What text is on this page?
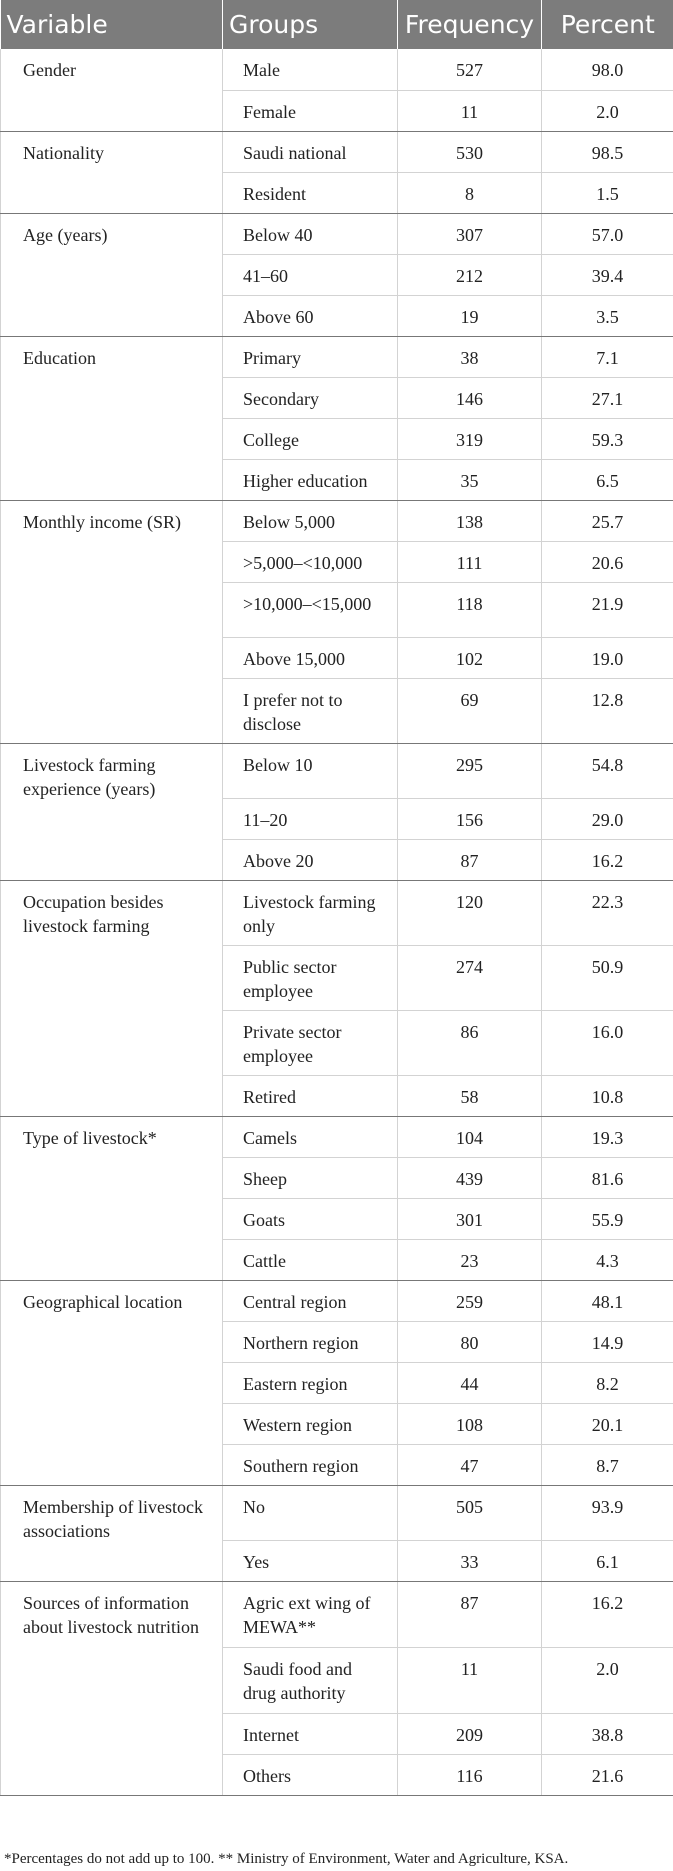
Variable	Groups	Frequency	Percent
Gender	Male	527	98.0
	Female	11	2.0
Nationality	Saudi national	530	98.5
	Resident	8	1.5
Age (years)	Below 40	307	57.0
	41–60	212	39.4
	Above 60	19	3.5
Education	Primary	38	7.1
	Secondary	146	27.1
	College	319	59.3
	Higher education	35	6.5
Monthly income (SR)	Below 5,000	138	25.7
	>5,000–<10,000	111	20.6
	>10,000–<15,000	118	21.9
	Above 15,000	102	19.0
	I prefer not to disclose	69	12.8
Livestock farming experience (years)	Below 10	295	54.8
	11–20	156	29.0
	Above 20	87	16.2
Occupation besides livestock farming	Livestock farming only	120	22.3
	Public sector employee	274	50.9
	Private sector employee	86	16.0
	Retired	58	10.8
Type of livestock*	Camels	104	19.3
	Sheep	439	81.6
	Goats	301	55.9
	Cattle	23	4.3
Geographical location	Central region	259	48.1
	Northern region	80	14.9
	Eastern region	44	8.2
	Western region	108	20.1
	Southern region	47	8.7
Membership of livestock associations	No	505	93.9
	Yes	33	6.1
Sources of information about livestock nutrition	Agric ext wing of MEWA**	87	16.2
	Saudi food and drug authority	11	2.0
	Internet	209	38.8
	Others	116	21.6
*Percentages do not add up to 100. ** Ministry of Environment, Water and Agriculture, KSA.
